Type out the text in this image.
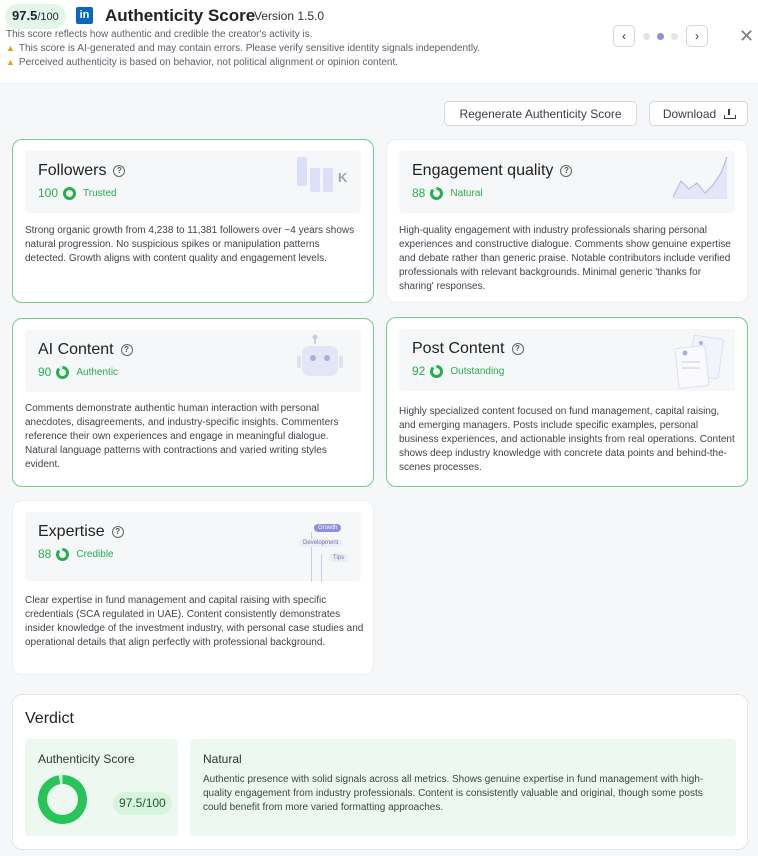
97.5 /100	in Authenticity Score
Version 1.5.0
This score reflects how authentic and credible the creator's activity is.
▲ This score is AI-generated and may contain errors. Please verify sensitive identity signals independently.
▲ Perceived authenticity is based on behavior, not political alignment or opinion content.
‹	›	✕
Regenerate Authenticity Score	Download
Followers ?
100	Trusted
K
Strong organic growth from 4,238 to 11,381 followers over ~4 years shows natural progression. No suspicious spikes or manipulation patterns detected. Growth aligns with content quality and engagement levels.
Engagement quality ?
88	Natural
High-quality engagement with industry professionals sharing personal experiences and constructive dialogue. Comments show genuine expertise and debate rather than generic praise. Notable contributors include verified professionals with relevant backgrounds. Minimal generic 'thanks for sharing' responses.
AI Content ?
90	Authentic
Comments demonstrate authentic human interaction with personal anecdotes, disagreements, and industry-specific insights. Commenters reference their own experiences and engage in meaningful dialogue. Natural language patterns with contractions and varied writing styles evident.
Post Content ?
92	Outstanding
Highly specialized content focused on fund management, capital raising, and emerging managers. Posts include specific examples, personal business experiences, and actionable insights from real operations. Content shows deep industry knowledge with concrete data points and behind-the-scenes processes.
Expertise ?
88	Credible
Growth
Development
Tips
Clear expertise in fund management and capital raising with specific credentials (SCA regulated in UAE). Content consistently demonstrates insider knowledge of the investment industry, with personal case studies and operational details that align perfectly with professional background.
Verdict
Authenticity Score
97.5/100
Natural
Authentic presence with solid signals across all metrics. Shows genuine expertise in fund management with high-quality engagement from industry professionals. Content is consistently valuable and original, though some posts could benefit from more varied formatting approaches.
